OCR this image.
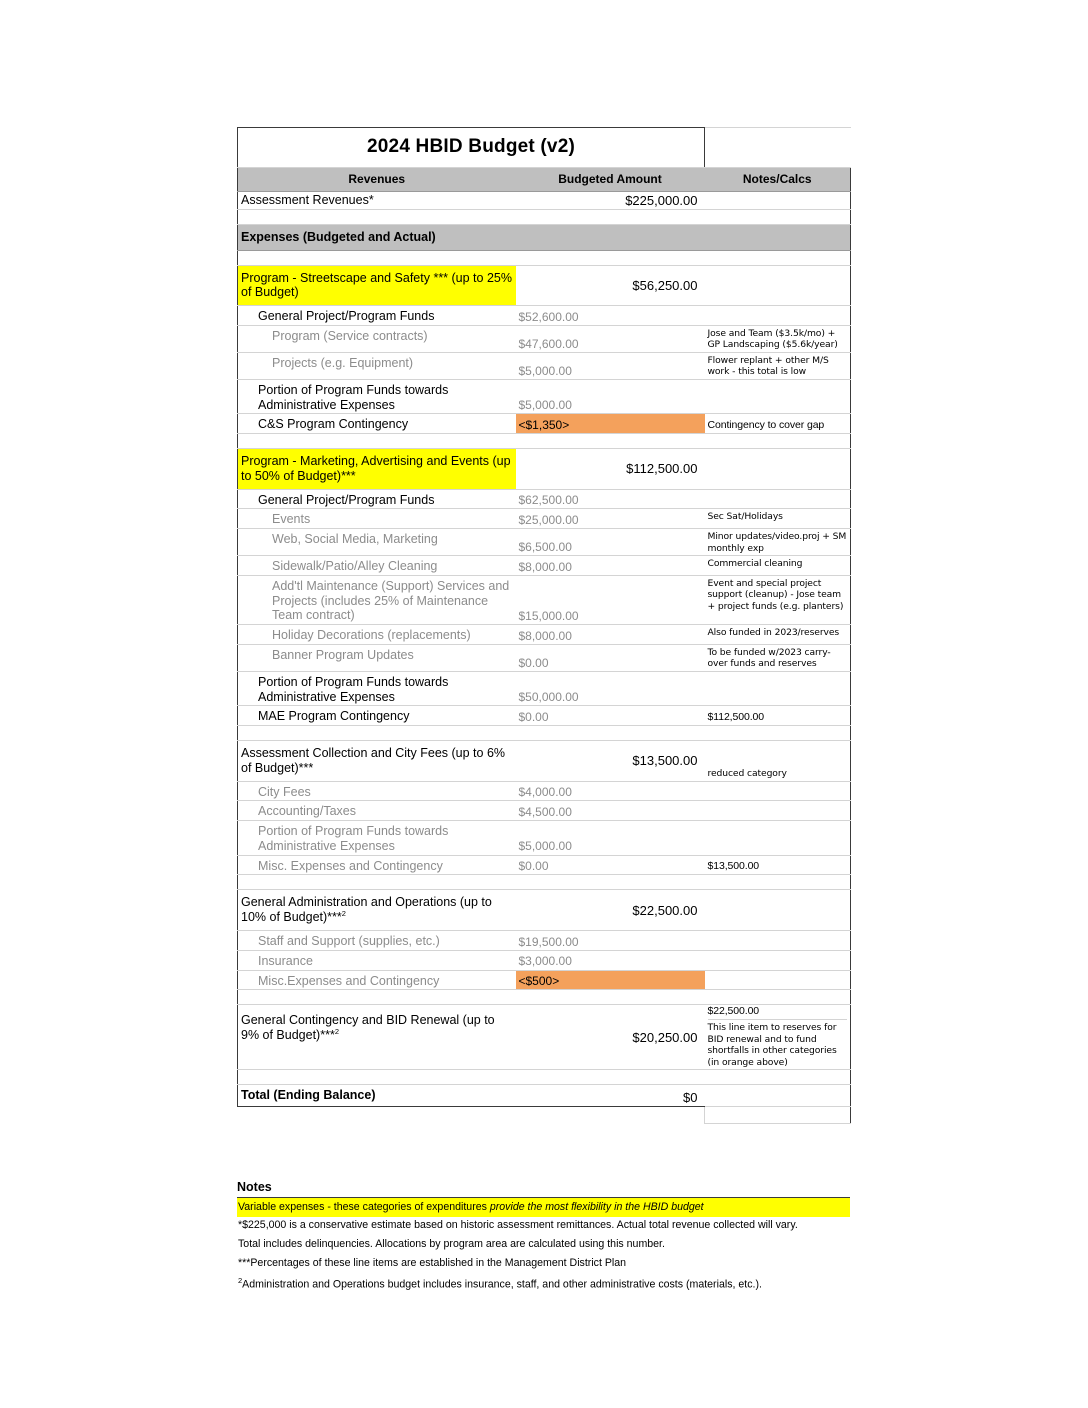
2024 HBID Budget (v2)		
Revenues	Budgeted Amount	Notes/Calcs
Assessment Revenues*	$225,000.00	

Expenses (Budgeted and Actual)		

Program - Streetscape and Safety *** (up to 25% of Budget)	$56,250.00	
General Project/Program Funds	$52,600.00	
Program (Service contracts)	$47,600.00	Jose and Team ($3.5k/mo) + GP Landscaping ($5.6k/year)
Projects (e.g. Equipment)	$5,000.00	Flower replant + other M/S work - this total is low
Portion of Program Funds towards Administrative Expenses	$5,000.00	
C&S Program Contingency	<$1,350>	Contingency to cover gap

Program - Marketing, Advertising and Events (up to 50% of Budget)***	$112,500.00	
General Project/Program Funds	$62,500.00	
Events	$25,000.00	Sec Sat/Holidays
Web, Social Media, Marketing	$6,500.00	Minor updates/video.proj + SM monthly exp
Sidewalk/Patio/Alley Cleaning	$8,000.00	Commercial cleaning
Add'tl Maintenance (Support) Services and Projects (includes 25% of Maintenance Team contract)	$15,000.00	Event and special project support (cleanup) - Jose team + project funds (e.g. planters)
Holiday Decorations (replacements)	$8,000.00	Also funded in 2023/reserves
Banner Program Updates	$0.00	To be funded w/2023 carry-over funds and reserves
Portion of Program Funds towards Administrative Expenses	$50,000.00	
MAE Program Contingency	$0.00	$112,500.00

Assessment Collection and City Fees (up to 6% of Budget)***	$13,500.00	reduced category
City Fees	$4,000.00	
Accounting/Taxes	$4,500.00	
Portion of Program Funds towards Administrative Expenses	$5,000.00	
Misc. Expenses and Contingency	$0.00	$13,500.00

General Administration and Operations (up to 10% of Budget)***$^2$	$22,500.00	
Staff and Support (supplies, etc.)	$19,500.00	
Insurance	$3,000.00	
Misc.Expenses and Contingency	<$500>	

General Contingency and BID Renewal (up to 9% of Budget)***$^2$	$20,250.00	$22,500.00
This line item to reserves for BID renewal and to fund shortfalls in other categories (in orange above)

Total (Ending Balance)	$0	

Notes
Variable expenses - these categories of expenditures provide the most flexibility in the HBID budget
*$225,000 is a conservative estimate based on historic assessment remittances. Actual total revenue collected will vary.
Total includes delinquencies. Allocations by program area are calculated using this number.
***Percentages of these line items are established in the Management District Plan
$^2$Administration and Operations budget includes insurance, staff, and other administrative costs (materials, etc.).
